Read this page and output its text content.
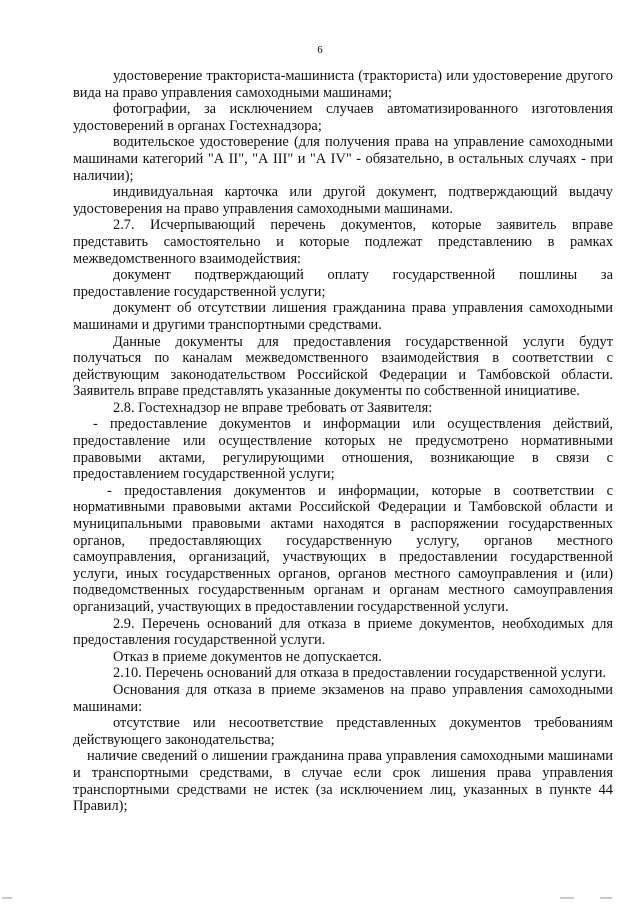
6

удостоверение тракториста-машиниста (тракториста) или удостоверение другого вида на право управления самоходными машинами;

фотографии, за исключением случаев автоматизированного изготовления удостоверений в органах Гостехнадзора;

водительское удостоверение (для получения права на управление самоходными машинами категорий "А II", "А III" и "А IV" - обязательно, в остальных случаях - при наличии);

индивидуальная карточка или другой документ, подтверждающий выдачу удостоверения на право управления самоходными машинами.

2.7. Исчерпывающий перечень документов, которые заявитель вправе представить самостоятельно и которые подлежат представлению в рамках межведомственного взаимодействия:

документ подтверждающий оплату государственной пошлины за предоставление государственной услуги;

документ об отсутствии лишения гражданина права управления самоходными машинами и другими транспортными средствами.

Данные документы для предоставления государственной услуги будут получаться по каналам межведомственного взаимодействия в соответствии с действующим законодательством Российской Федерации и Тамбовской области. Заявитель вправе представлять указанные документы по собственной инициативе.

2.8. Гостехнадзор не вправе требовать от Заявителя:

- предоставление документов и информации или осуществления действий, предоставление или осуществление которых не предусмотрено нормативными правовыми актами, регулирующими отношения, возникающие в связи с предоставлением государственной услуги;

- предоставления документов и информации, которые в соответствии с нормативными правовыми актами Российской Федерации и Тамбовской области и муниципальными правовыми актами находятся в распоряжении государственных органов, предоставляющих государственную услугу, органов местного самоуправления, организаций, участвующих в предоставлении государственной услуги, иных государственных органов, органов местного самоуправления и (или) подведомственных государственным органам и органам местного самоуправления организаций, участвующих в предоставлении государственной услуги.

2.9. Перечень оснований для отказа в приеме документов, необходимых для предоставления государственной услуги.

Отказ в приеме документов не допускается.

2.10. Перечень оснований для отказа в предоставлении государственной услуги.

Основания для отказа в приеме экзаменов на право управления самоходными машинами:

отсутствие или несоответствие представленных документов требованиям действующего законодательства;

наличие сведений о лишении гражданина права управления самоходными машинами и транспортными средствами, в случае если срок лишения права управления транспортными средствами не истек (за исключением лиц, указанных в пункте 44 Правил);
